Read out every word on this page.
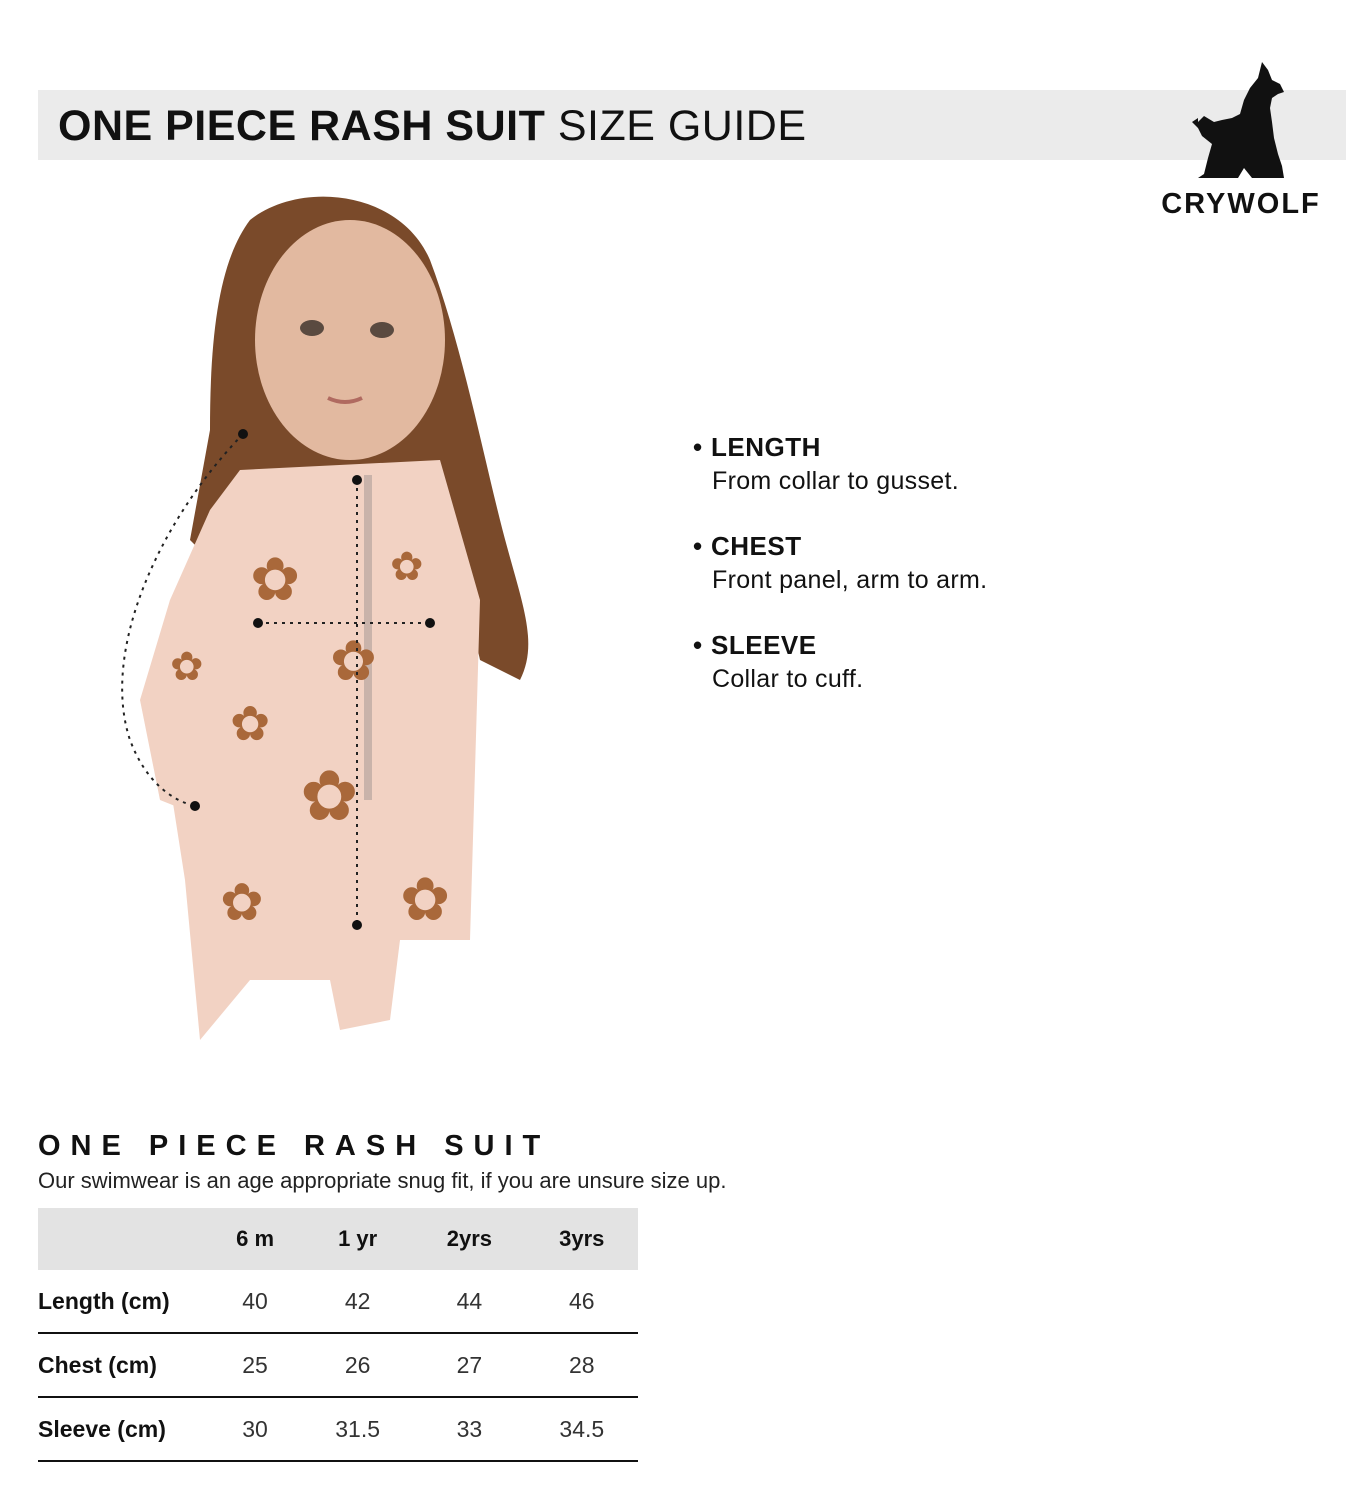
ONE PIECE RASH SUIT SIZE GUIDE
CRYWOLF
✿
✿
✿
✿
✿
✿
✿
✿
• LENGTH
From collar to gusset.
• CHEST
Front panel, arm to arm.
• SLEEVE
Collar to cuff.
ONE PIECE RASH SUIT
Our swimwear is an age appropriate snug fit, if you are unsure size up.
	6 m	1 yr	2yrs	3yrs
Length (cm)	40	42	44	46
Chest (cm)	25	26	27	28
Sleeve (cm)	30	31.5	33	34.5
